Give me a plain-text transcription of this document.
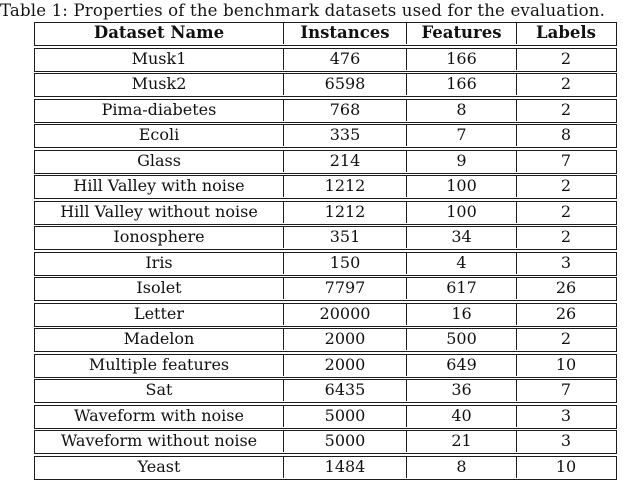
Table 1: Properties of the benchmark datasets used for the evaluation.
Dataset Name	Instances	Features	Labels
Musk1	476	166	2
Musk2	6598	166	2
Pima-diabetes	768	8	2
Ecoli	335	7	8
Glass	214	9	7
Hill Valley with noise	1212	100	2
Hill Valley without noise	1212	100	2
Ionosphere	351	34	2
Iris	150	4	3
Isolet	7797	617	26
Letter	20000	16	26
Madelon	2000	500	2
Multiple features	2000	649	10
Sat	6435	36	7
Waveform with noise	5000	40	3
Waveform without noise	5000	21	3
Yeast	1484	8	10
